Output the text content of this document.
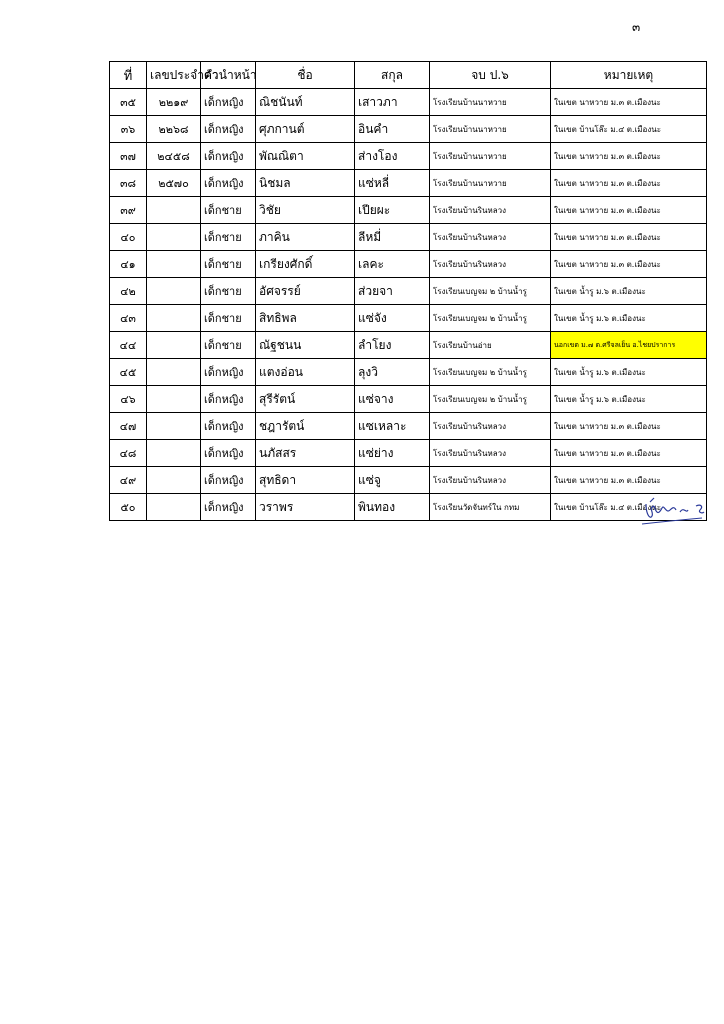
๓
ที่	เลขประจำตัว	คำนำหน้า	ชื่อ	สกุล	จบ ป.๖	หมายเหตุ
๓๕	๒๒๑๙	เด็กหญิง	ณิชนันท์	เสาวภา	โรงเรียนบ้านนาหวาย	ในเขต นาหวาย ม.๓ ต.เมืองนะ
๓๖	๒๒๖๘	เด็กหญิง	ศุภกานต์	อินคำ	โรงเรียนบ้านนาหวาย	ในเขต บ้านโล๊ะ ม.๔ ต.เมืองนะ
๓๗	๒๔๕๘	เด็กหญิง	พัณณิตา	ส่างโอง	โรงเรียนบ้านนาหวาย	ในเขต นาหวาย ม.๓ ต.เมืองนะ
๓๘	๒๕๗๐	เด็กหญิง	นิชมล	แซ่หลี่	โรงเรียนบ้านนาหวาย	ในเขต นาหวาย ม.๓ ต.เมืองนะ
๓๙		เด็กชาย	วิชัย	เปียผะ	โรงเรียนบ้านรินหลวง	ในเขต นาหวาย ม.๓ ต.เมืองนะ
๔๐		เด็กชาย	ภาคิน	ลีหมี่	โรงเรียนบ้านรินหลวง	ในเขต นาหวาย ม.๓ ต.เมืองนะ
๔๑		เด็กชาย	เกรียงศักดิ์	เลคะ	โรงเรียนบ้านรินหลวง	ในเขต นาหวาย ม.๓ ต.เมืองนะ
๔๒		เด็กชาย	อัศจรรย์	ส่วยจา	โรงเรียนเบญจม ๒ บ้านน้ำรู	ในเขต น้ำรู ม.๖ ต.เมืองนะ
๔๓		เด็กชาย	สิทธิพล	แซ่จัง	โรงเรียนเบญจม ๒ บ้านน้ำรู	ในเขต น้ำรู ม.๖ ต.เมืองนะ
๔๔		เด็กชาย	ณัฐชนน	ลำโยง	โรงเรียนบ้านอ่าย	นอกเขต ม.๗ ต.ศรีจลเย็น อ.ไชยปราการ
๔๕		เด็กหญิง	แตงอ่อน	ลุงวิ	โรงเรียนเบญจม ๒ บ้านน้ำรู	ในเขต น้ำรู ม.๖ ต.เมืองนะ
๔๖		เด็กหญิง	สุรีรัตน์	แซ่จาง	โรงเรียนเบญจม ๒ บ้านน้ำรู	ในเขต น้ำรู ม.๖ ต.เมืองนะ
๔๗		เด็กหญิง	ชฎารัตน์	แซเหลาะ	โรงเรียนบ้านรินหลวง	ในเขต นาหวาย ม.๓ ต.เมืองนะ
๔๘		เด็กหญิง	นภัสสร	แซ่ย่าง	โรงเรียนบ้านรินหลวง	ในเขต นาหวาย ม.๓ ต.เมืองนะ
๔๙		เด็กหญิง	สุทธิดา	แซ่จู	โรงเรียนบ้านรินหลวง	ในเขต นาหวาย ม.๓ ต.เมืองนะ
๕๐		เด็กหญิง	วราพร	พินทอง	โรงเรียนวัดจันทร์ใน กทม	ในเขต บ้านโล๊ะ ม.๔ ต.เมืองนะ
